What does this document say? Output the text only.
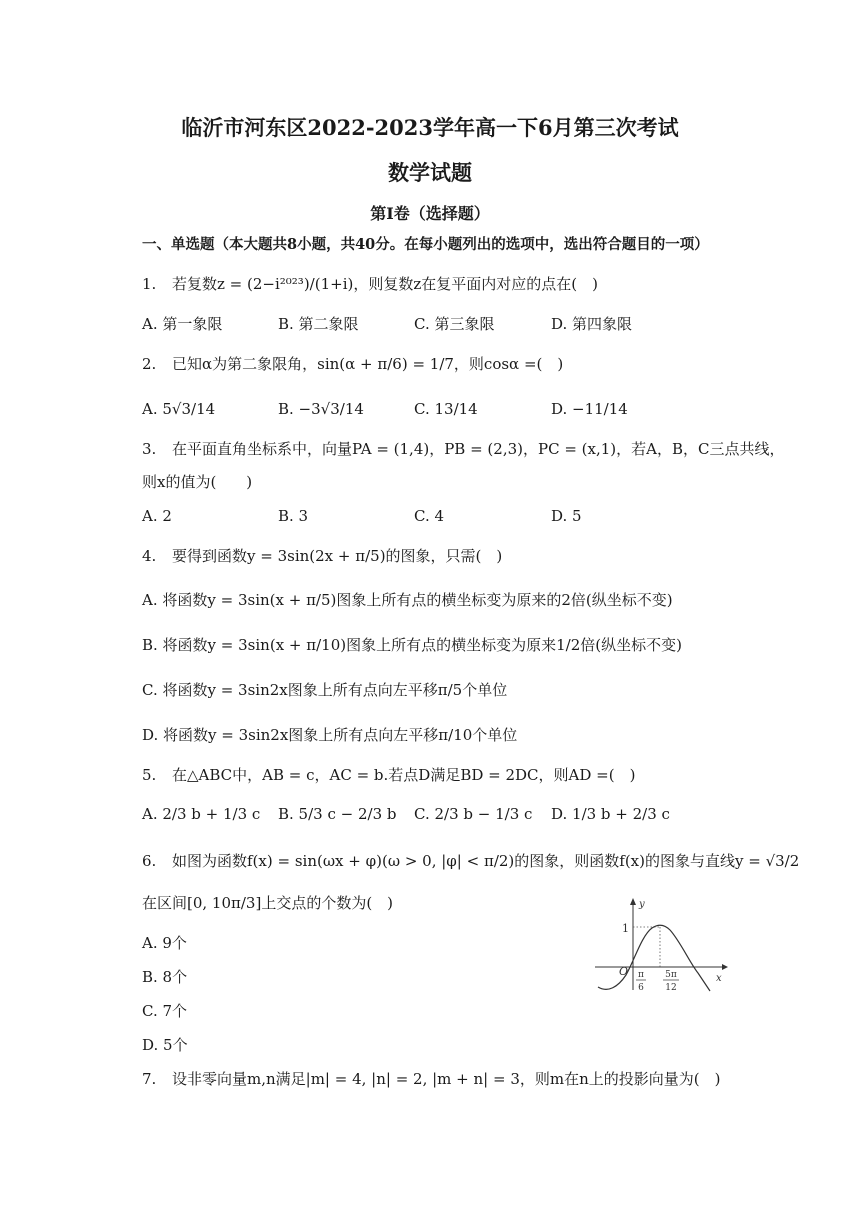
临沂市河东区2022-2023学年高一下6月第三次考试
数学试题
第I卷（选择题）
一、单选题（本大题共8小题，共40分。在每小题列出的选项中，选出符合题目的一项）
1. 若复数z = (2−i²⁰²³)/(1+i)，则复数z在复平面内对应的点在(　)
A. 第一象限	B. 第二象限	C. 第三象限	D. 第四象限
2. 已知α为第二象限角，sin(α + π/6) = 1/7，则cosα =(　)
A. 5√3/14	B. −3√3/14	C. 13/14	D. −11/14
3. 在平面直角坐标系中，向量PA = (1,4)，PB = (2,3)，PC = (x,1)，若A，B，C三点共线，
则x的值为(　　)
A. 2	B. 3	C. 4	D. 5
4. 要得到函数y = 3sin(2x + π/5)的图象，只需(　)
A. 将函数y = 3sin(x + π/5)图象上所有点的横坐标变为原来的2倍(纵坐标不变)
B. 将函数y = 3sin(x + π/10)图象上所有点的横坐标变为原来1/2倍(纵坐标不变)
C. 将函数y = 3sin2x图象上所有点向左平移π/5个单位
D. 将函数y = 3sin2x图象上所有点向左平移π/10个单位
5. 在△ABC中，AB = c，AC = b.若点D满足BD = 2DC，则AD =(　)
A. 2/3 b + 1/3 c B. 5/3 c − 2/3 b C. 2/3 b − 1/3 c D. 1/3 b + 2/3 c
6. 如图为函数f(x) = sin(ωx + φ)(ω > 0, |φ| < π/2)的图象，则函数f(x)的图象与直线y = √3/2
在区间[0, 10π/3]上交点的个数为(　)
A. 9个
B. 8个
C. 7个
D. 5个
y
x
O
1
π
6
5π
12
7. 设非零向量m,n满足|m| = 4, |n| = 2, |m + n| = 3，则m在n上的投影向量为(　)
